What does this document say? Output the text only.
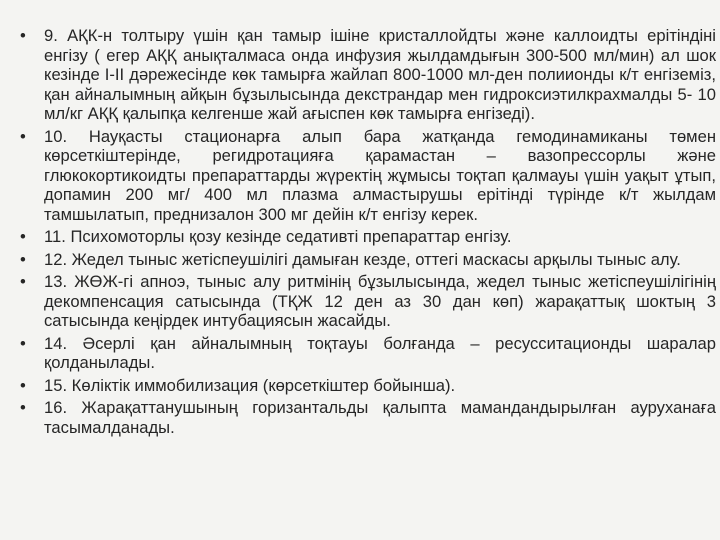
•	9. АҚК-н толтыру үшін қан тамыр ішіне кристаллойдты және каллоидты ерітіндіні енгізу ( егер АҚҚ анықталмаса онда инфузия жылдамдығын 300-500 мл/мин) ал шок кезінде І-ІІ дәрежесінде көк тамырға жайлап 800-1000 мл-ден полиионды к/т енгіземіз, қан айналымның айқын бұзылысында декстрандар мен гидроксиэтилкрахмалды 5- 10 мл/кг АҚҚ қалыпқа келгенше жай ағыспен көк тамырға енгізеді).
•	10. Науқасты стационарға алып бара жатқанда гемодинамиканы төмен көрсеткіштерінде, регидротацияға қарамастан – вазопрессорлы және глюкокортикоидты препараттарды жүректің жұмысы тоқтап қалмауы үшін уақыт ұтып, допамин 200 мг/ 400 мл плазма алмастырушы ерітінді түрінде к/т жылдам тамшылатып, преднизалон 300 мг дейін к/т енгізу керек.
•	11. Психомоторлы қозу кезінде седативті препараттар енгізу.
•	12. Жедел тыныс жетіспеушілігі дамыған кезде, оттегі маскасы арқылы тыныс алу.
•	13. ЖӨЖ-гі апноэ, тыныс алу ритмінің бұзылысында, жедел тыныс жетіспеушілігінің декомпенсация сатысында (ТҚЖ 12 ден аз 30 дан көп) жарақаттық шоктың 3 сатысында кеңірдек интубациясын жасайды.
•	14. Әсерлі қан айналымның тоқтауы болғанда – ресусситационды шаралар қолданылады.
•	15. Көліктік иммобилизация (көрсеткіштер бойынша).
•	16. Жарақаттанушының горизантальды қалыпта мамандандырылған ауруханаға тасымалданады.
